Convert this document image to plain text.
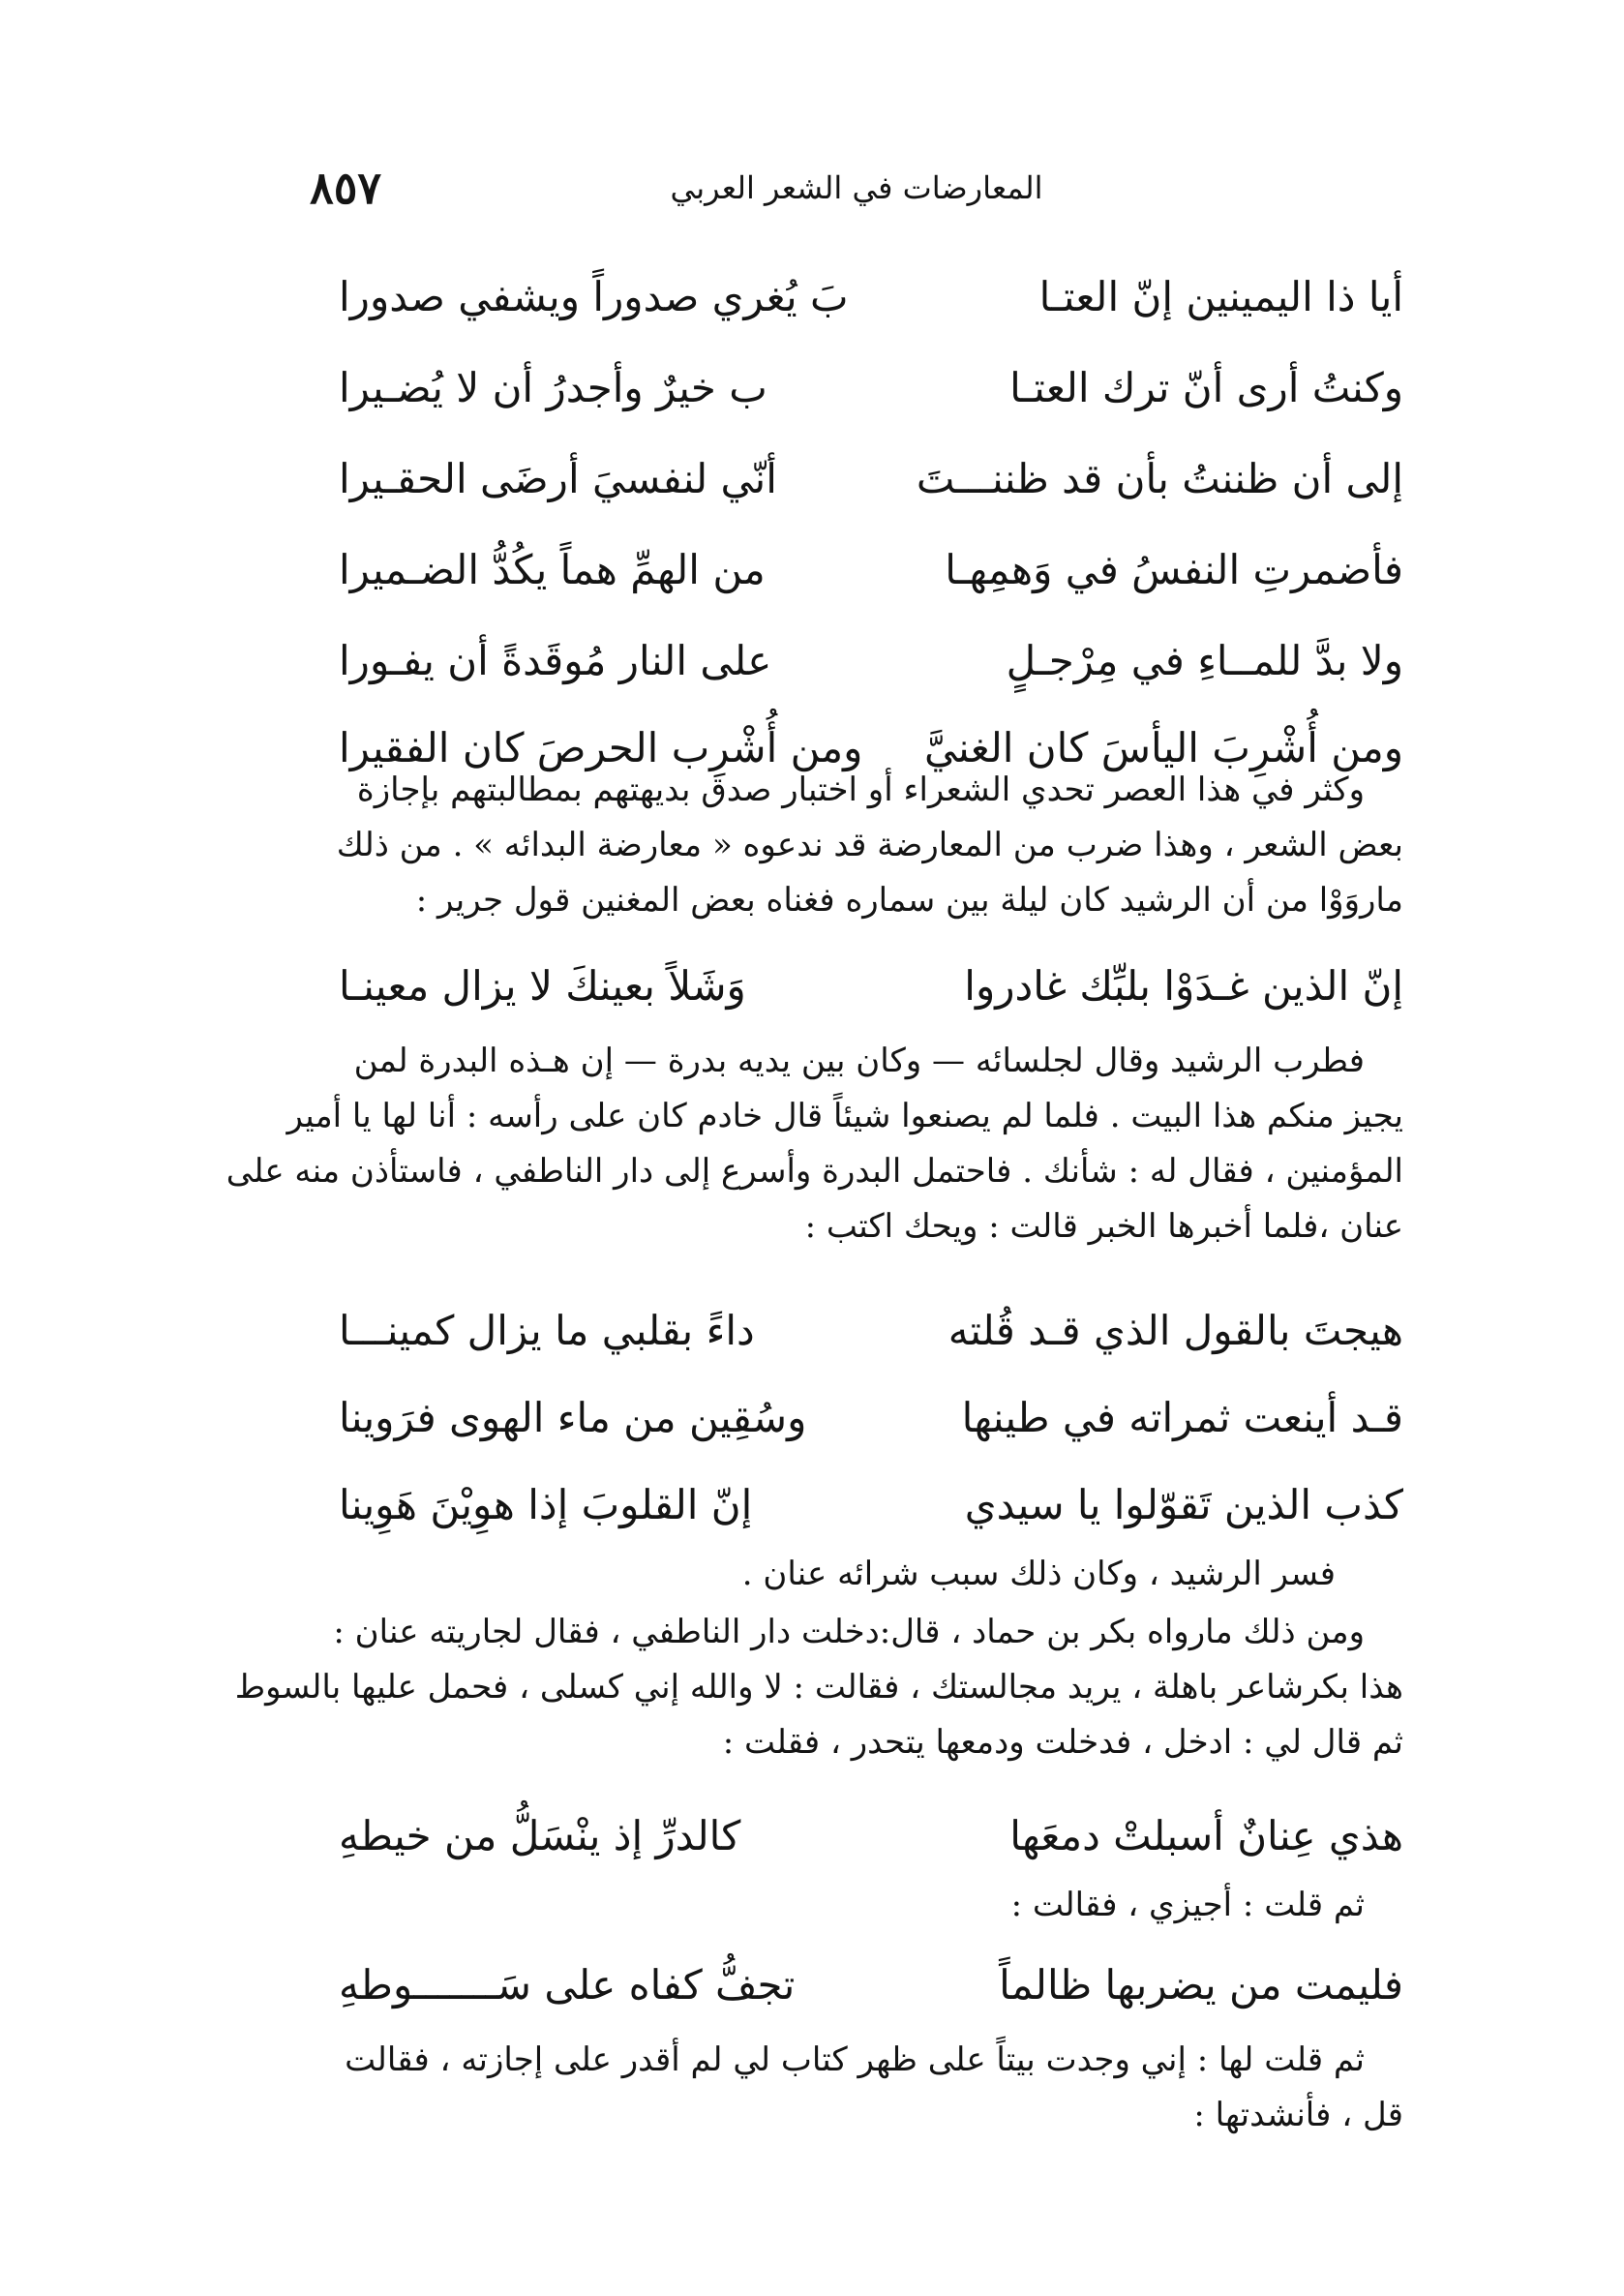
٨٥٧	المعارضات في الشعر العربي
أيا ذا اليمينين إنّ العتـا
بَ يُغري صدوراً ويشفي صدورا
وكنتُ أرى أنّ ترك العتـا
ب خيرٌ وأجدرُ أن لا يُضـيرا
إلى أن ظننتُ بأن قد ظننـــتَ
أنّي لنفسيَ أرضَى الحقـيرا
فأضمرتِ النفسُ في وَهمِهـا
من الهمِّ هماً يكُدُّ الضـميرا
ولا بدَّ للمــاءِ في مِرْجـلٍ
على النار مُوقَدةً أن يفـورا
ومن أُشْرِبَ اليأسَ كان الغنيَّ
ومن أُشْرِب الحرصَ كان الفقيرا
وكثر في هذا العصر تحدي الشعراء أو اختبار صدق بديهتهم بمطالبتهم بإجازة
بعض الشعر ، وهذا ضرب من المعارضة قد ندعوه « معارضة البدائه » . من ذلك
ماروَوْا من أن الرشيد كان ليلة بين سماره فغناه بعض المغنين قول جرير :
إنّ الذين غـدَوْا بلبِّك غادروا
وَشَلاً بعينكَ لا يزال معينـا
فطرب الرشيد وقال لجلسائه — وكان بين يديه بدرة — إن هـذه البدرة لمن
يجيز منكم هذا البيت . فلما لم يصنعوا شيئاً قال خادم كان على رأسه : أنا لها يا أمير
المؤمنين ، فقال له : شأنك . فاحتمل البدرة وأسرع إلى دار الناطفي ، فاستأذن منه على
عنان ،فلما أخبرها الخبر قالت : ويحك اكتب :
هيجتَ بالقول الذي قـد قُلته
داءً بقلبي ما يزال كمينـــا
قـد أينعت ثمراته في طينها
وسُقِين من ماء الهوى فرَوينا
كذب الذين تَقوّلوا يا سيدي
إنّ القلوبَ إذا هوِيْنَ هَوِينا
فسر الرشيد ، وكان ذلك سبب شرائه عنان .
ومن ذلك مارواه بكر بن حماد ، قال:دخلت دار الناطفي ، فقال لجاريته عنان :
هذا بكرشاعر باهلة ، يريد مجالستك ، فقالت : لا والله إني كسلى ، فحمل عليها بالسوط
ثم قال لي : ادخل ، فدخلت ودمعها يتحدر ، فقلت :
هذي عِنانٌ أسبلتْ دمعَها
كالدرِّ إذ ينْسَلُّ من خيطهِ
ثم قلت : أجيزي ، فقالت :
فليمت من يضربها ظالماً
تجفُّ كفاه على سَـــــــوطهِ
ثم قلت لها : إني وجدت بيتاً على ظهر كتاب لي لم أقدر على إجازته ، فقالت
قل ، فأنشدتها :
